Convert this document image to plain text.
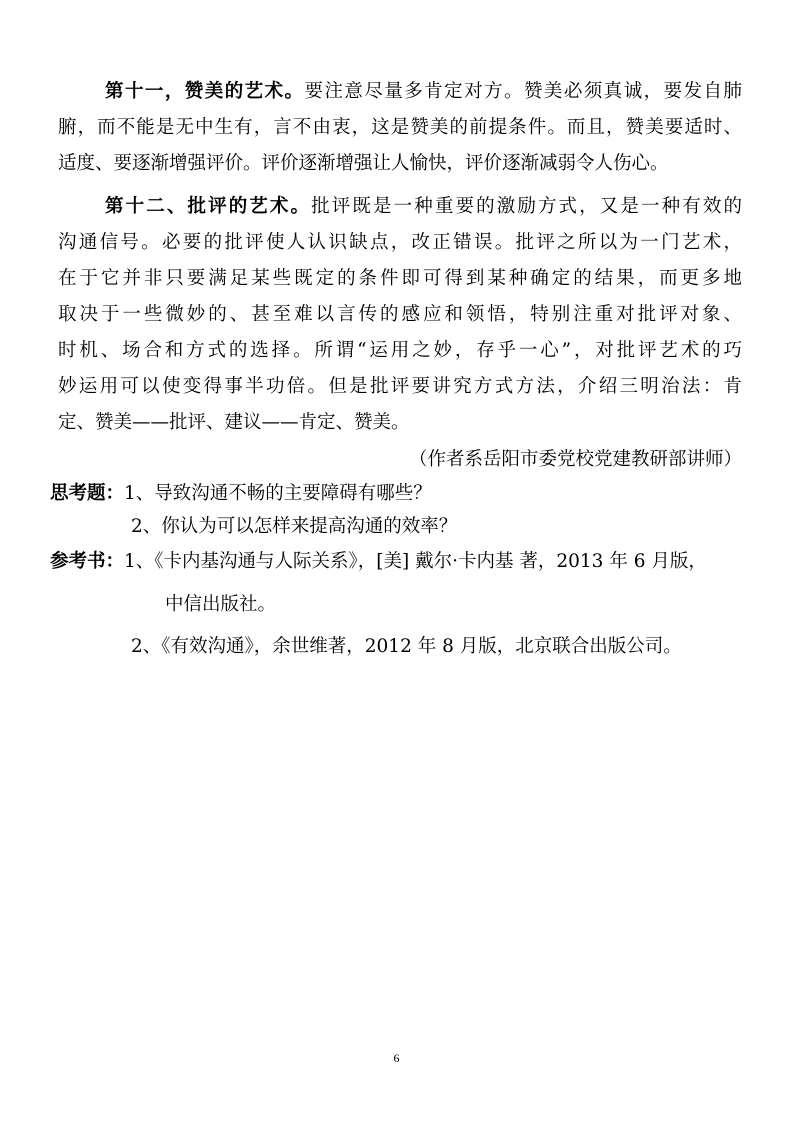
第十一，赞美的艺术。要注意尽量多肯定对方。赞美必须真诚，要发自肺
腑，而不能是无中生有，言不由衷，这是赞美的前提条件。而且，赞美要适时、
适度、要逐渐增强评价。评价逐渐增强让人愉快，评价逐渐减弱令人伤心。
第十二、批评的艺术。批评既是一种重要的激励方式，又是一种有效的
沟通信号。必要的批评使人认识缺点，改正错误。批评之所以为一门艺术，
在于它并非只要满足某些既定的条件即可得到某种确定的结果，而更多地
取决于一些微妙的、甚至难以言传的感应和领悟，特别注重对批评对象、
时机、场合和方式的选择。所谓“运用之妙，存乎一心”，对批评艺术的巧
妙运用可以使变得事半功倍。但是批评要讲究方式方法，介绍三明治法：肯
定、赞美——批评、建议——肯定、赞美。
（作者系岳阳市委党校党建教研部讲师）
思考题：1、导致沟通不畅的主要障碍有哪些？
2、你认为可以怎样来提高沟通的效率？
参考书：1、《卡内基沟通与人际关系》，[美] 戴尔·卡内基 著，2013 年 6 月版，
中信出版社。
2、《有效沟通》，余世维著，2012 年 8 月版，北京联合出版公司。
6
